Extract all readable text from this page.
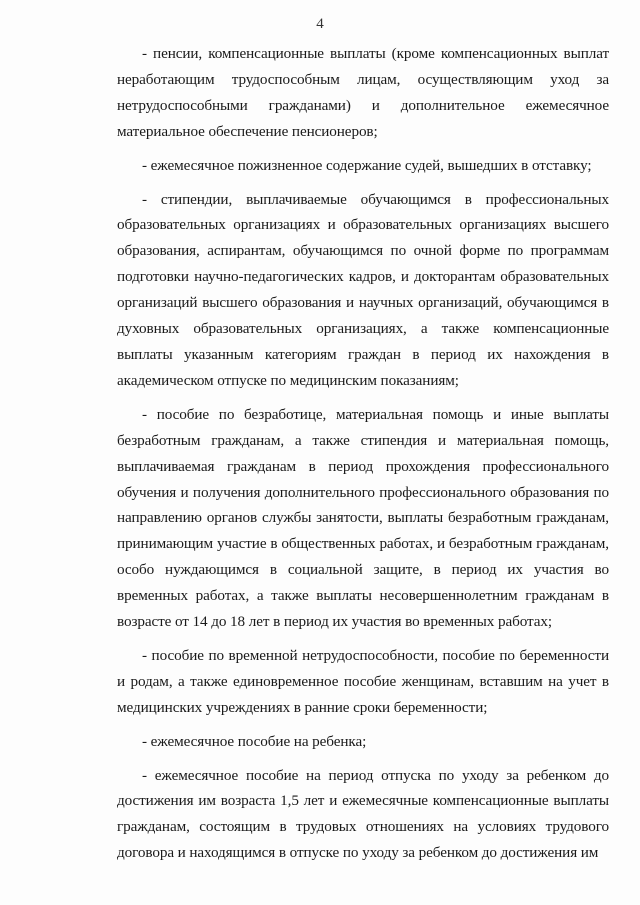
4

- пенсии, компенсационные выплаты (кроме компенсационных выплат неработающим трудоспособным лицам, осуществляющим уход за нетрудоспособными гражданами) и дополнительное ежемесячное материальное обеспечение пенсионеров;

- ежемесячное пожизненное содержание судей, вышедших в отставку;

- стипендии, выплачиваемые обучающимся в профессиональных образовательных организациях и образовательных организациях высшего образования, аспирантам, обучающимся по очной форме по программам подготовки научно-педагогических кадров, и докторантам образовательных организаций высшего образования и научных организаций, обучающимся в духовных образовательных организациях, а также компенсационные выплаты указанным категориям граждан в период их нахождения в академическом отпуске по медицинским показаниям;

- пособие по безработице, материальная помощь и иные выплаты безработным гражданам, а также стипендия и материальная помощь, выплачиваемая гражданам в период прохождения профессионального обучения и получения дополнительного профессионального образования по направлению органов службы занятости, выплаты безработным гражданам, принимающим участие в общественных работах, и безработным гражданам, особо нуждающимся в социальной защите, в период их участия во временных работах, а также выплаты несовершеннолетним гражданам в возрасте от 14 до 18 лет в период их участия во временных работах;

- пособие по временной нетрудоспособности, пособие по беременности и родам, а также единовременное пособие женщинам, вставшим на учет в медицинских учреждениях в ранние сроки беременности;

- ежемесячное пособие на ребенка;

- ежемесячное пособие на период отпуска по уходу за ребенком до достижения им возраста 1,5 лет и ежемесячные компенсационные выплаты гражданам, состоящим в трудовых отношениях на условиях трудового договора и находящимся в отпуске по уходу за ребенком до достижения им
